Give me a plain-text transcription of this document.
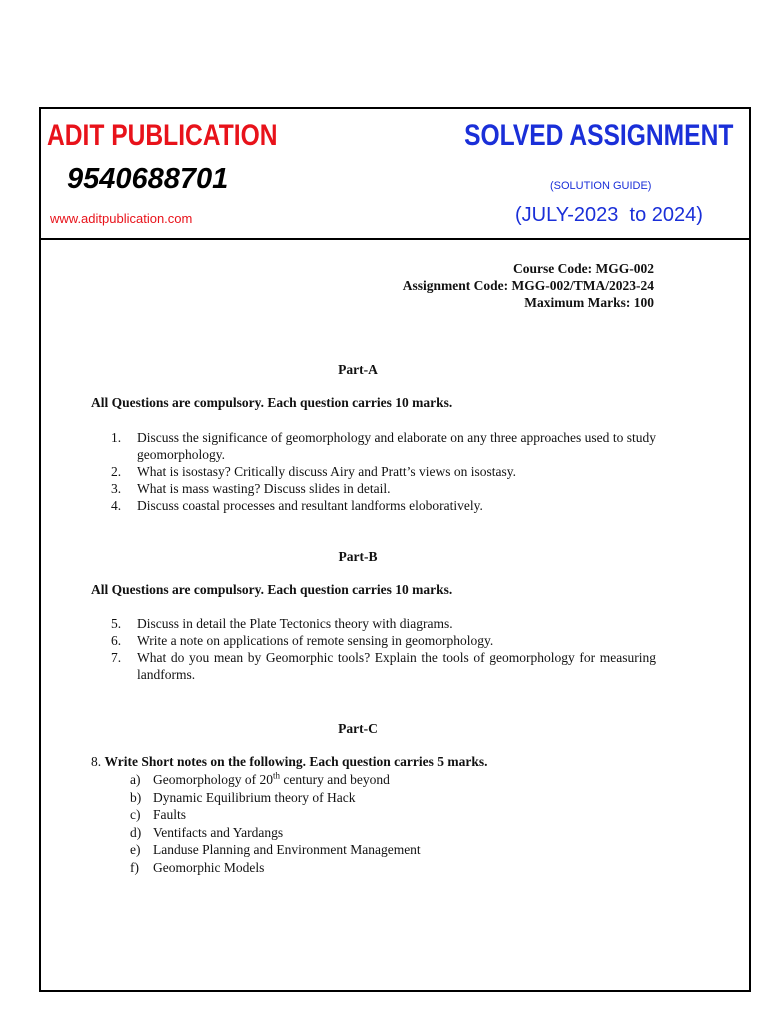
ADIT PUBLICATION
9540688701
www.aditpublication.com
SOLVED ASSIGNMENT
(SOLUTION GUIDE)
(JULY-2023  to 2024)
Course Code: MGG-002
Assignment Code: MGG-002/TMA/2023-24
Maximum Marks: 100
Part-A
All Questions are compulsory. Each question carries 10 marks.
1.	Discuss the significance of geomorphology and elaborate on any three approaches used to study geomorphology.
2.	What is isostasy? Critically discuss Airy and Pratt’s views on isostasy.
3.	What is mass wasting? Discuss slides in detail.
4.	Discuss coastal processes and resultant landforms eloboratively.
Part-B
All Questions are compulsory. Each question carries 10 marks.
5.	Discuss in detail the Plate Tectonics theory with diagrams.
6.	Write a note on applications of remote sensing in geomorphology.
7.	What do you mean by Geomorphic tools? Explain the tools of geomorphology for measuring landforms.
Part-C
8. Write Short notes on the following. Each question carries 5 marks.
a) Geomorphology of 20th century and beyond
b) Dynamic Equilibrium theory of Hack
c) Faults
d) Ventifacts and Yardangs
e) Landuse Planning and Environment Management
f)	Geomorphic Models
